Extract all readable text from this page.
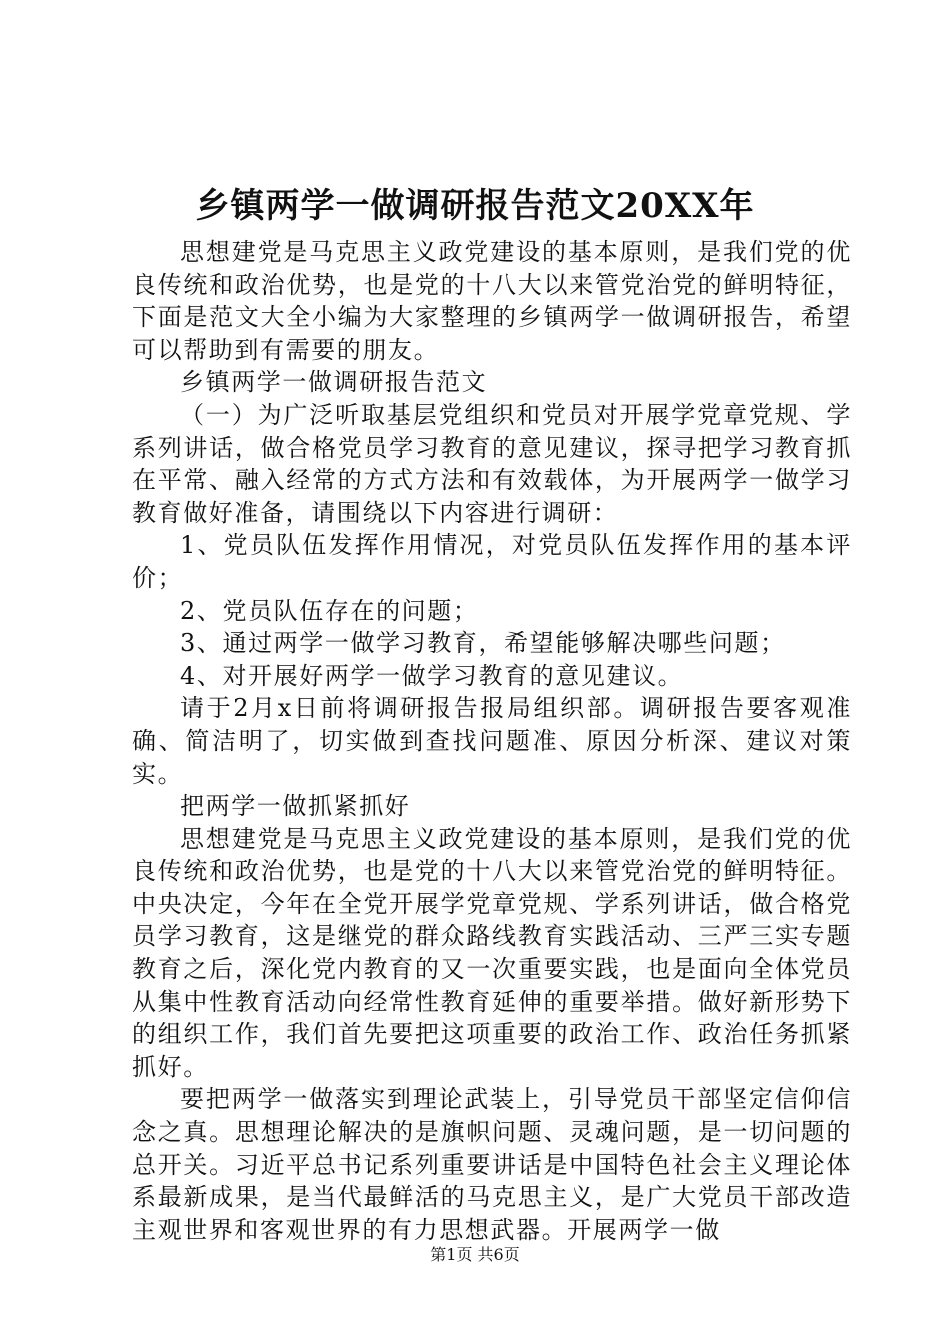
乡镇两学一做调研报告范文20XX年

思想建党是马克思主义政党建设的基本原则，是我们党的优良传统和政治优势，也是党的十八大以来管党治党的鲜明特征，下面是范文大全小编为大家整理的乡镇两学一做调研报告，希望可以帮助到有需要的朋友。

乡镇两学一做调研报告范文

（一）为广泛听取基层党组织和党员对开展学党章党规、学系列讲话，做合格党员学习教育的意见建议，探寻把学习教育抓在平常、融入经常的方式方法和有效载体，为开展两学一做学习教育做好准备，请围绕以下内容进行调研：

1、党员队伍发挥作用情况，对党员队伍发挥作用的基本评价；

2、党员队伍存在的问题；

3、通过两学一做学习教育，希望能够解决哪些问题；

4、对开展好两学一做学习教育的意见建议。

请于2月x日前将调研报告报局组织部。调研报告要客观准确、简洁明了，切实做到查找问题准、原因分析深、建议对策实。

把两学一做抓紧抓好

思想建党是马克思主义政党建设的基本原则，是我们党的优良传统和政治优势，也是党的十八大以来管党治党的鲜明特征。中央决定，今年在全党开展学党章党规、学系列讲话，做合格党员学习教育，这是继党的群众路线教育实践活动、三严三实专题教育之后，深化党内教育的又一次重要实践，也是面向全体党员从集中性教育活动向经常性教育延伸的重要举措。做好新形势下的组织工作，我们首先要把这项重要的政治工作、政治任务抓紧抓好。

要把两学一做落实到理论武装上，引导党员干部坚定信仰信念之真。思想理论解决的是旗帜问题、灵魂问题，是一切问题的总开关。习近平总书记系列重要讲话是中国特色社会主义理论体系最新成果，是当代最鲜活的马克思主义，是广大党员干部改造主观世界和客观世界的有力思想武器。开展两学一做

第1页 共6页
